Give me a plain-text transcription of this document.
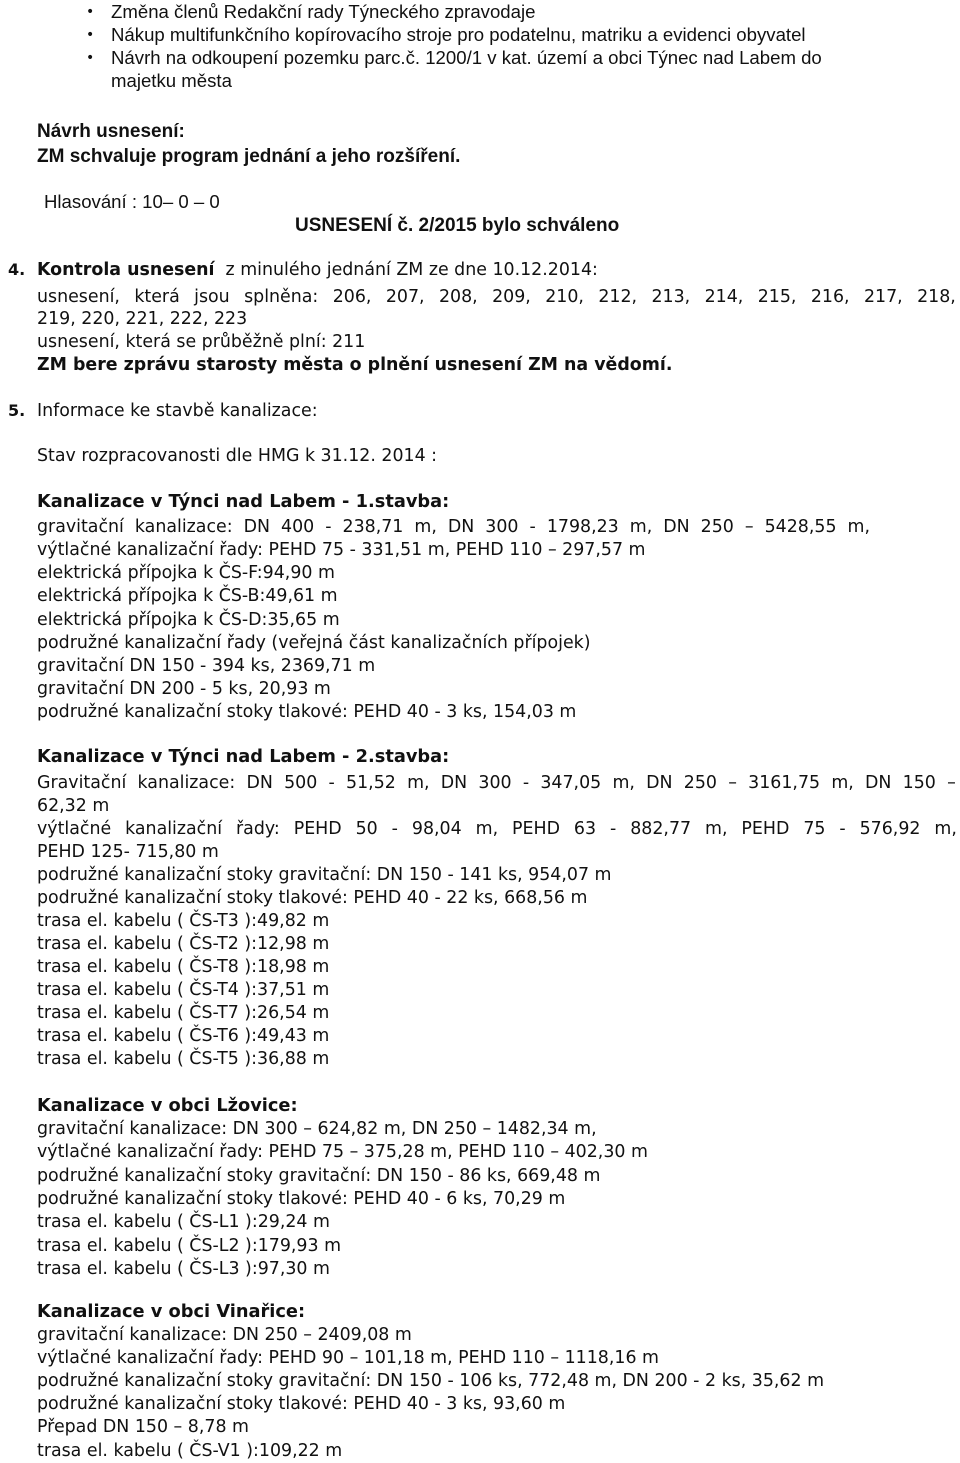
• Změna členů Redakční rady Týneckého zpravodaje
• Nákup multifunkčního kopírovacího stroje pro podatelnu, matriku a evidenci obyvatel
• Návrh na odkoupení pozemku parc.č. 1200/1 v kat. území a obci Týnec nad Labem do
majetku města
Návrh usnesení:
ZM schvaluje program jednání a jeho rozšíření.
Hlasování : 10– 0 – 0
USNESENÍ č. 2/2015 bylo schváleno
4. Kontrola usnesení z minulého jednání ZM ze dne 10.12.2014:
usnesení, která jsou splněna: 206, 207, 208, 209, 210, 212, 213, 214, 215, 216, 217, 218,
219, 220, 221, 222, 223
usnesení, která se průběžně plní: 211
ZM bere zprávu starosty města o plnění usnesení ZM na vědomí.
5. Informace ke stavbě kanalizace:
Stav rozpracovanosti dle HMG k 31.12. 2014 :
Kanalizace v Týnci nad Labem - 1.stavba:
gravitační kanalizace: DN 400 - 238,71 m, DN 300 - 1798,23 m, DN 250 – 5428,55 m,
výtlačné kanalizační řady: PEHD 75 - 331,51 m, PEHD 110 – 297,57 m
elektrická přípojka k ČS-F:94,90 m
elektrická přípojka k ČS-B:49,61 m
elektrická přípojka k ČS-D:35,65 m
podružné kanalizační řady (veřejná část kanalizačních přípojek)
gravitační DN 150 - 394 ks, 2369,71 m
gravitační DN 200 - 5 ks, 20,93 m
podružné kanalizační stoky tlakové: PEHD 40 - 3 ks, 154,03 m
Kanalizace v Týnci nad Labem - 2.stavba:
Gravitační kanalizace: DN 500 - 51,52 m, DN 300 - 347,05 m, DN 250 – 3161,75 m, DN 150 –
62,32 m
výtlačné kanalizační řady: PEHD 50 - 98,04 m, PEHD 63 - 882,77 m, PEHD 75 - 576,92 m,
PEHD 125- 715,80 m
podružné kanalizační stoky gravitační: DN 150 - 141 ks, 954,07 m
podružné kanalizační stoky tlakové: PEHD 40 - 22 ks, 668,56 m
trasa el. kabelu ( ČS-T3 ):49,82 m
trasa el. kabelu ( ČS-T2 ):12,98 m
trasa el. kabelu ( ČS-T8 ):18,98 m
trasa el. kabelu ( ČS-T4 ):37,51 m
trasa el. kabelu ( ČS-T7 ):26,54 m
trasa el. kabelu ( ČS-T6 ):49,43 m
trasa el. kabelu ( ČS-T5 ):36,88 m
Kanalizace v obci Lžovice:
gravitační kanalizace: DN 300 – 624,82 m, DN 250 – 1482,34 m,
výtlačné kanalizační řady: PEHD 75 – 375,28 m, PEHD 110 – 402,30 m
podružné kanalizační stoky gravitační: DN 150 - 86 ks, 669,48 m
podružné kanalizační stoky tlakové: PEHD 40 - 6 ks, 70,29 m
trasa el. kabelu ( ČS-L1 ):29,24 m
trasa el. kabelu ( ČS-L2 ):179,93 m
trasa el. kabelu ( ČS-L3 ):97,30 m
Kanalizace v obci Vinařice:
gravitační kanalizace: DN 250 – 2409,08 m
výtlačné kanalizační řady: PEHD 90 – 101,18 m, PEHD 110 – 1118,16 m
podružné kanalizační stoky gravitační: DN 150 - 106 ks, 772,48 m, DN 200 - 2 ks, 35,62 m
podružné kanalizační stoky tlakové: PEHD 40 - 3 ks, 93,60 m
Přepad DN 150 – 8,78 m
trasa el. kabelu ( ČS-V1 ):109,22 m
